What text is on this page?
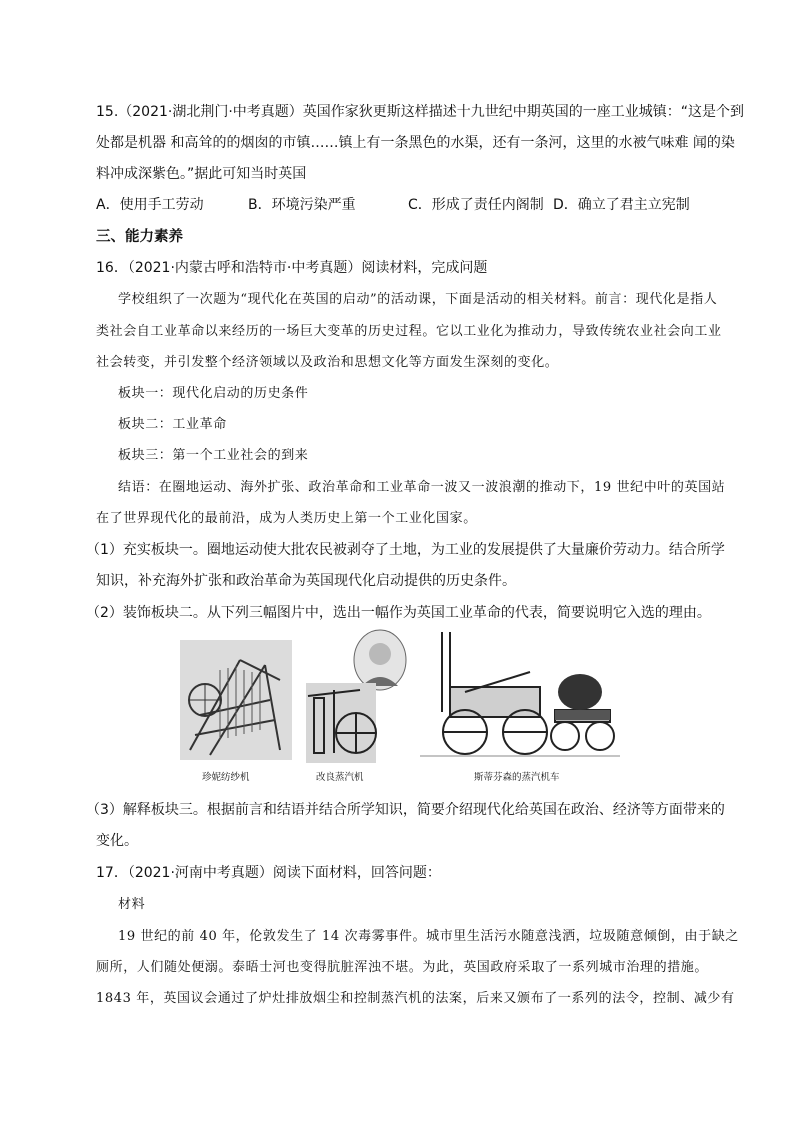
15.（2021·湖北荆门·中考真题）英国作家狄更斯这样描述十九世纪中期英国的一座工业城镇：“这是个到
处都是机器 和高耸的的烟囱的市镇……镇上有一条黑色的水渠，还有一条河，这里的水被气味难 闻的染
料冲成深紫色。”据此可知当时英国
A．使用手工劳动	B．环境污染严重	C．形成了责任内阁制 D．确立了君主立宪制
三、能力素养
16．（2021·内蒙古呼和浩特市·中考真题）阅读材料，完成问题
学校组织了一次题为“现代化在英国的启动”的活动课，下面是活动的相关材料。前言：现代化是指人
类社会自工业革命以来经历的一场巨大变革的历史过程。它以工业化为推动力，导致传统农业社会向工业
社会转变，并引发整个经济领域以及政治和思想文化等方面发生深刻的变化。
板块一：现代化启动的历史条件
板块二：工业革命
板块三：第一个工业社会的到来
结语：在圈地运动、海外扩张、政治革命和工业革命一波又一波浪潮的推动下，19 世纪中叶的英国站
在了世界现代化的最前沿，成为人类历史上第一个工业化国家。
（1）充实板块一。圈地运动使大批农民被剥夺了土地，为工业的发展提供了大量廉价劳动力。结合所学
知识，补充海外扩张和政治革命为英国现代化启动提供的历史条件。
（2）装饰板块二。从下列三幅图片中，选出一幅作为英国工业革命的代表，简要说明它入选的理由。
珍妮纺纱机	改良蒸汽机	斯蒂芬森的蒸汽机车
（3）解释板块三。根据前言和结语并结合所学知识，简要介绍现代化给英国在政治、经济等方面带来的
变化。
17．（2021·河南中考真题）阅读下面材料，回答问题：
材料
19 世纪的前 40 年，伦敦发生了 14 次毒雾事件。城市里生活污水随意浅洒，垃圾随意倾倒，由于缺之
厕所，人们随处便溺。泰晤士河也变得肮脏浑浊不堪。为此，英国政府采取了一系列城市治理的措施。
1843 年，英国议会通过了炉灶排放烟尘和控制蒸汽机的法案，后来又颁布了一系列的法令，控制、减少有
